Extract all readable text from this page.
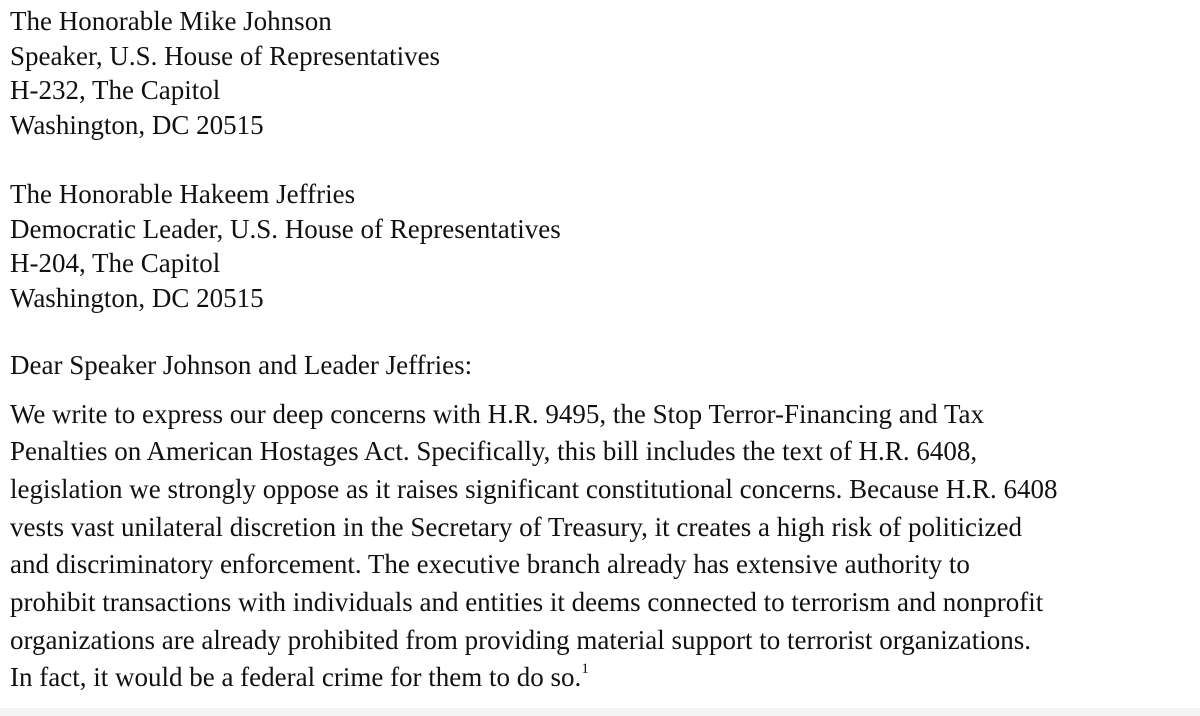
The Honorable Mike Johnson
Speaker, U.S. House of Representatives
H-232, The Capitol
Washington, DC 20515
The Honorable Hakeem Jeffries
Democratic Leader, U.S. House of Representatives
H-204, The Capitol
Washington, DC 20515
Dear Speaker Johnson and Leader Jeffries:
We write to express our deep concerns with H.R. 9495, the Stop Terror-Financing and Tax
Penalties on American Hostages Act. Specifically, this bill includes the text of H.R. 6408,
legislation we strongly oppose as it raises significant constitutional concerns. Because H.R. 6408
vests vast unilateral discretion in the Secretary of Treasury, it creates a high risk of politicized
and discriminatory enforcement. The executive branch already has extensive authority to
prohibit transactions with individuals and entities it deems connected to terrorism and nonprofit
organizations are already prohibited from providing material support to terrorist organizations.
In fact, it would be a federal crime for them to do so.$^1$
